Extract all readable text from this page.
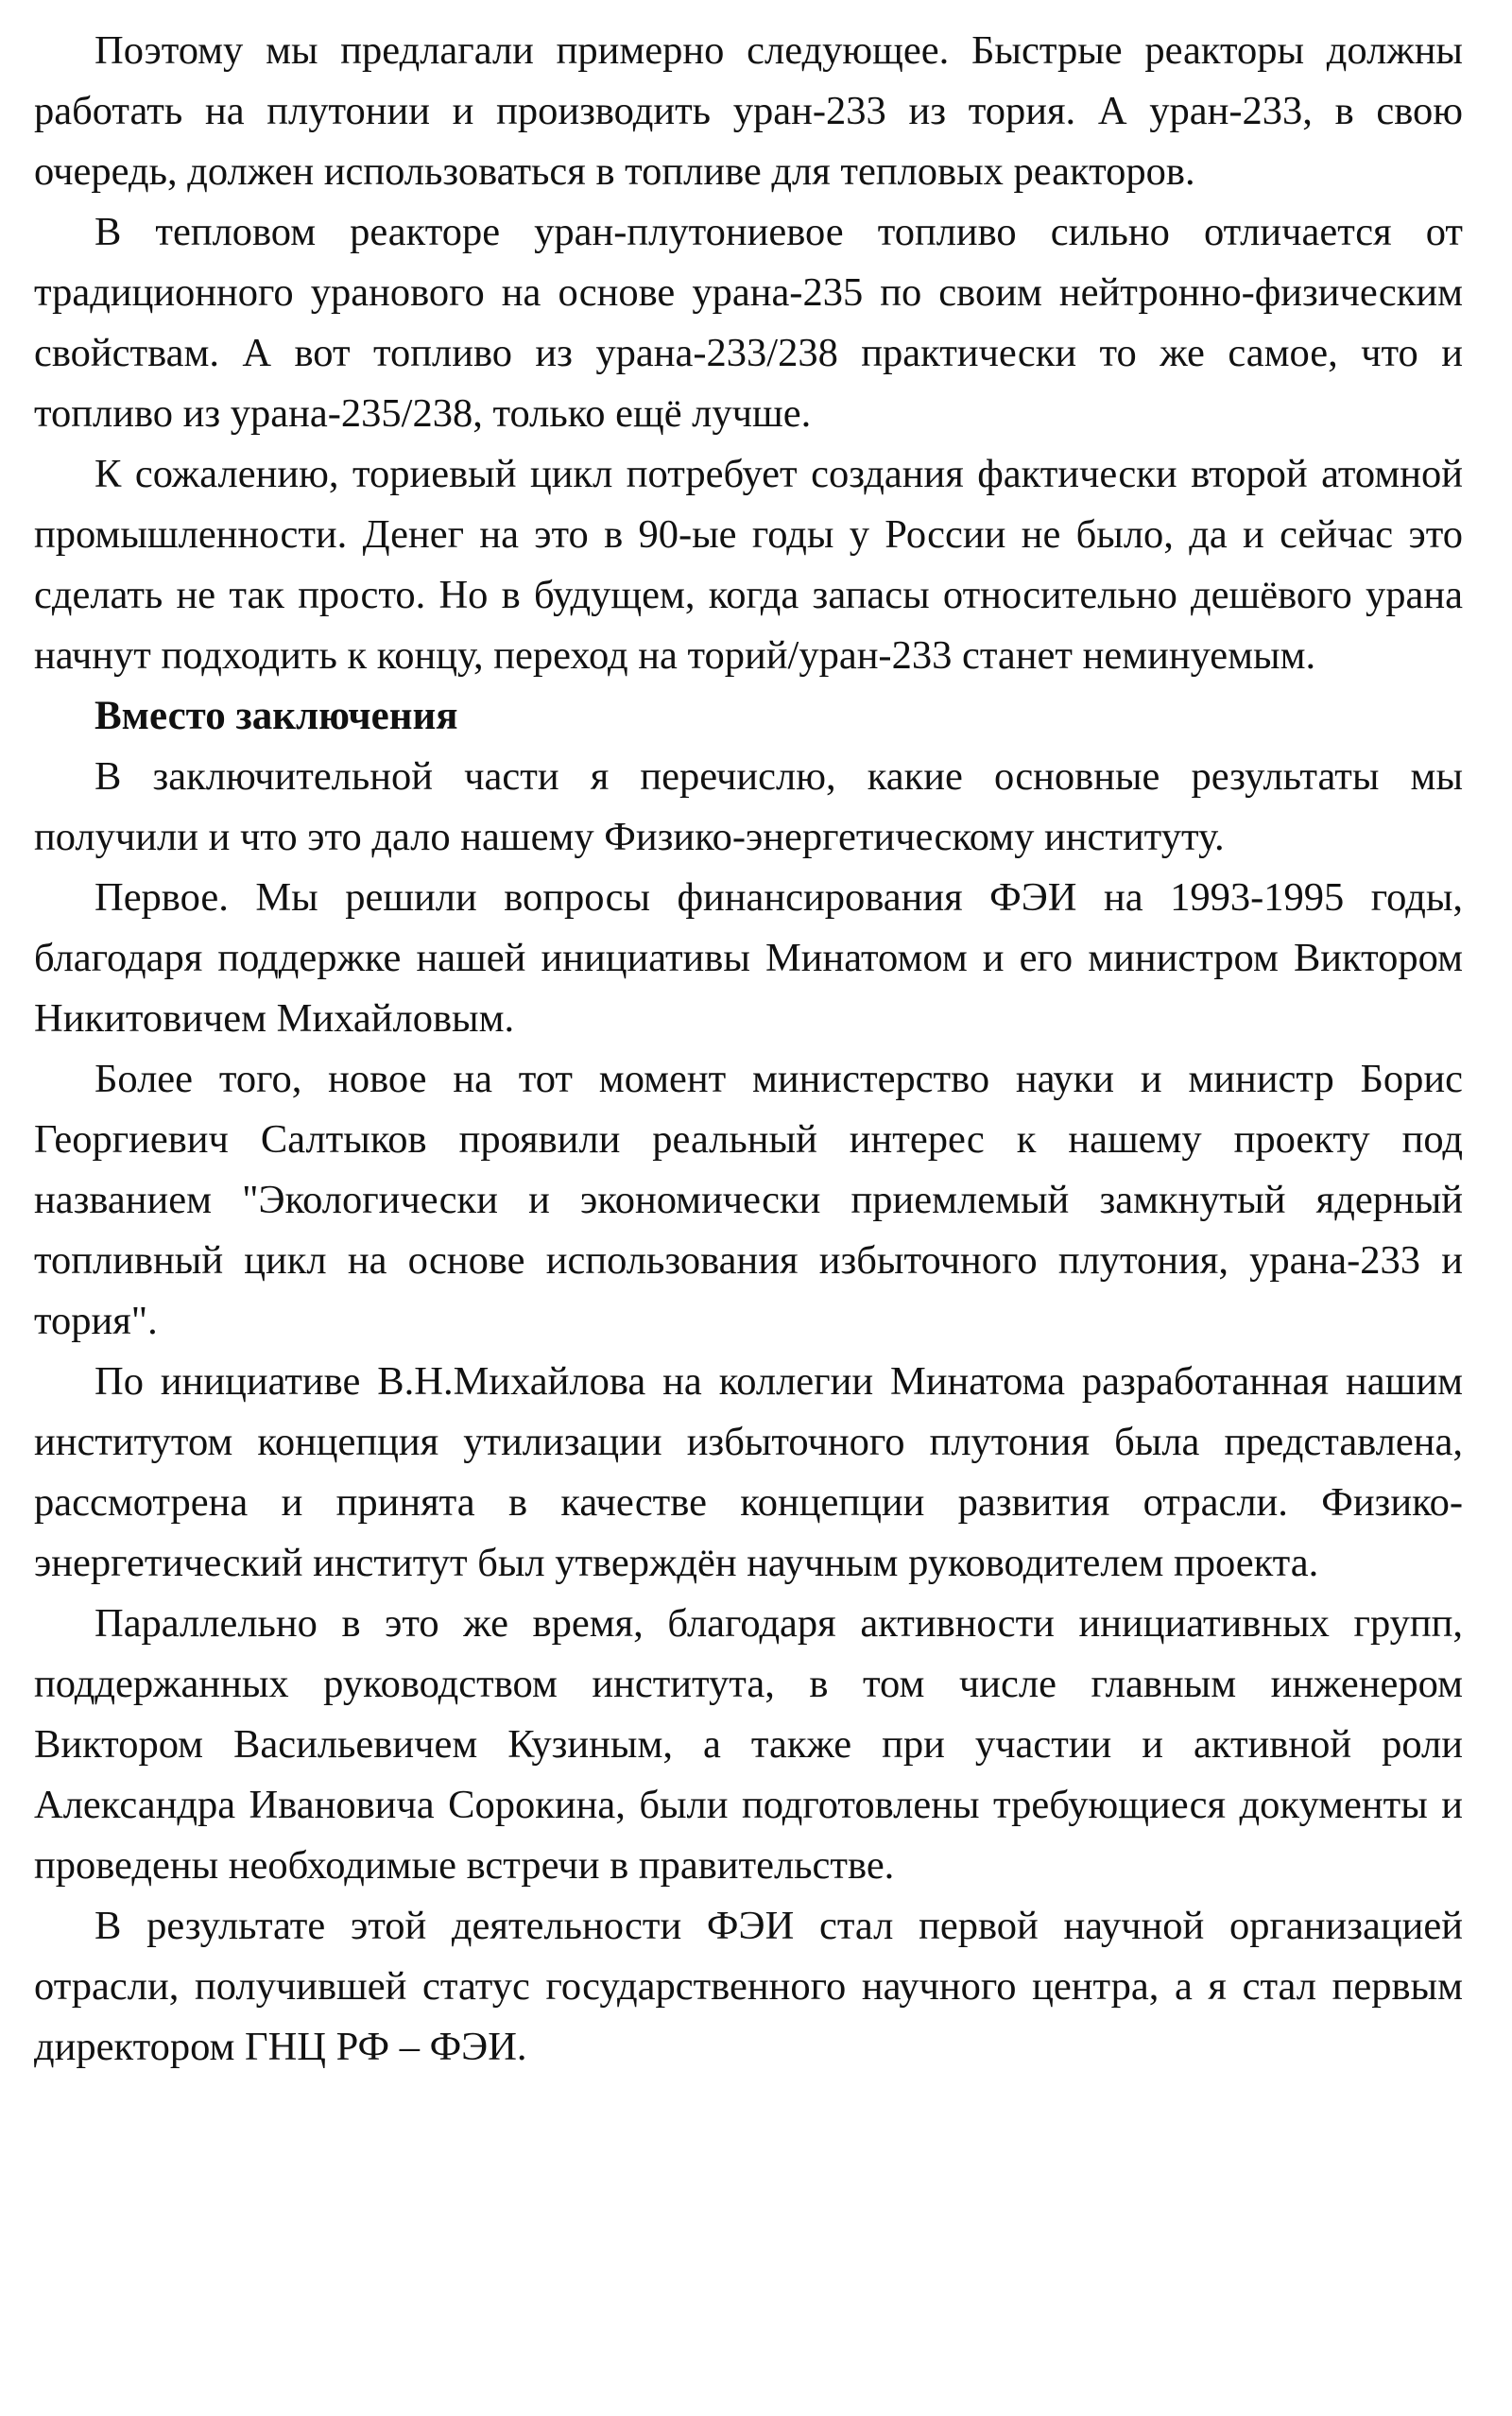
Поэтому мы предлагали примерно следующее. Быстрые реакторы должны работать на плутонии и производить уран-233 из тория. А уран-233, в свою очередь, должен использоваться в топливе для тепловых реакторов.

В тепловом реакторе уран-плутониевое топливо сильно отличается от традиционного уранового на основе урана-235 по своим нейтронно-физическим свойствам. А вот топливо из урана-233/238 практически то же самое, что и топливо из урана-235/238, только ещё лучше.

К сожалению, ториевый цикл потребует создания фактически второй атомной промышленности. Денег на это в 90-ые годы у России не было, да и сейчас это сделать не так просто. Но в будущем, когда запасы относительно дешёвого урана начнут подходить к концу, переход на торий/уран-233 станет неминуемым.

Вместо заключения

В заключительной части я перечислю, какие основные результаты мы получили и что это дало нашему Физико-энергетическому институту.

Первое. Мы решили вопросы финансирования ФЭИ на 1993-1995 годы, благодаря поддержке нашей инициативы Минатомом и его министром Виктором Никитовичем Михайловым.

Более того, новое на тот момент министерство науки и министр Борис Георгиевич Салтыков проявили реальный интерес к нашему проекту под названием "Экологически и экономически приемлемый замкнутый ядерный топливный цикл на основе использования избыточного плутония, урана-233 и тория".

По инициативе В.Н.Михайлова на коллегии Минатома разработанная нашим институтом концепция утилизации избыточного плутония была представлена, рассмотрена и принята в качестве концепции развития отрасли. Физико-энергетический институт был утверждён научным руководителем проекта.

Параллельно в это же время, благодаря активности инициативных групп, поддержанных руководством института, в том числе главным инженером Виктором Васильевичем Кузиным, а также при участии и активной роли Александра Ивановича Сорокина, были подготовлены требующиеся документы и проведены необходимые встречи в правительстве.

В результате этой деятельности ФЭИ стал первой научной организацией отрасли, получившей статус государственного научного центра, а я стал первым директором ГНЦ РФ – ФЭИ.
